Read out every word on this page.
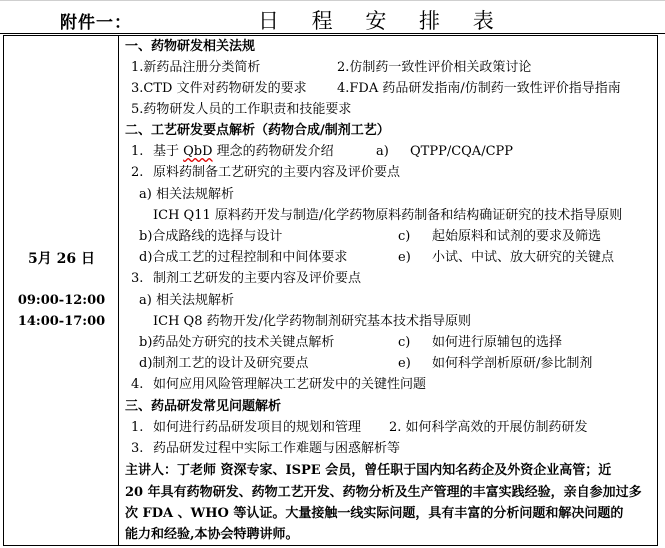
附件一：	日 程 安 排 表
5月 26 日
09:00-12:00
14:00-17:00
一、药物研发相关法规
1.新药品注册分类简析	2.仿制药一致性评价相关政策讨论
3.CTD 文件对药物研发的要求 4.FDA 药品研发指南/仿制药一致性评价指导指南
5.药物研发人员的工作职责和技能要求
二、工艺研发要点解析（药物合成/制剂工艺）
1. 基于 QbD 理念的药物研发介绍	a) QTPP/CQA/CPP
2. 原料药制备工艺研究的主要内容及评价要点
a) 相关法规解析
ICH Q11 原料药开发与制造/化学药物原料药制备和结构确证研究的技术指导原则
b)合成路线的选择与设计	c) 起始原料和试剂的要求及筛选
d)合成工艺的过程控制和中间体要求	e) 小试、中试、放大研究的关键点
3. 制剂工艺研发的主要内容及评价要点
a) 相关法规解析
ICH Q8 药物开发/化学药物制剂研究基本技术指导原则
b)药品处方研究的技术关键点解析	c) 如何进行原辅包的选择
d)制剂工艺的设计及研究要点	e) 如何科学剖析原研/参比制剂
4. 如何应用风险管理解决工艺研发中的关键性问题
三、药品研发常见问题解析
1. 如何进行药品研发项目的规划和管理 2. 如何科学高效的开展仿制药研发
3. 药品研发过程中实际工作难题与困惑解析等
主讲人：丁老师 资深专家、ISPE 会员，曾任职于国内知名药企及外资企业高管；近
20 年具有药物研发、药物工艺开发、药物分析及生产管理的丰富实践经验，亲自参加过多
次 FDA 、WHO 等认证。大量接触一线实际问题，具有丰富的分析问题和解决问题的
能力和经验,本协会特聘讲师。
